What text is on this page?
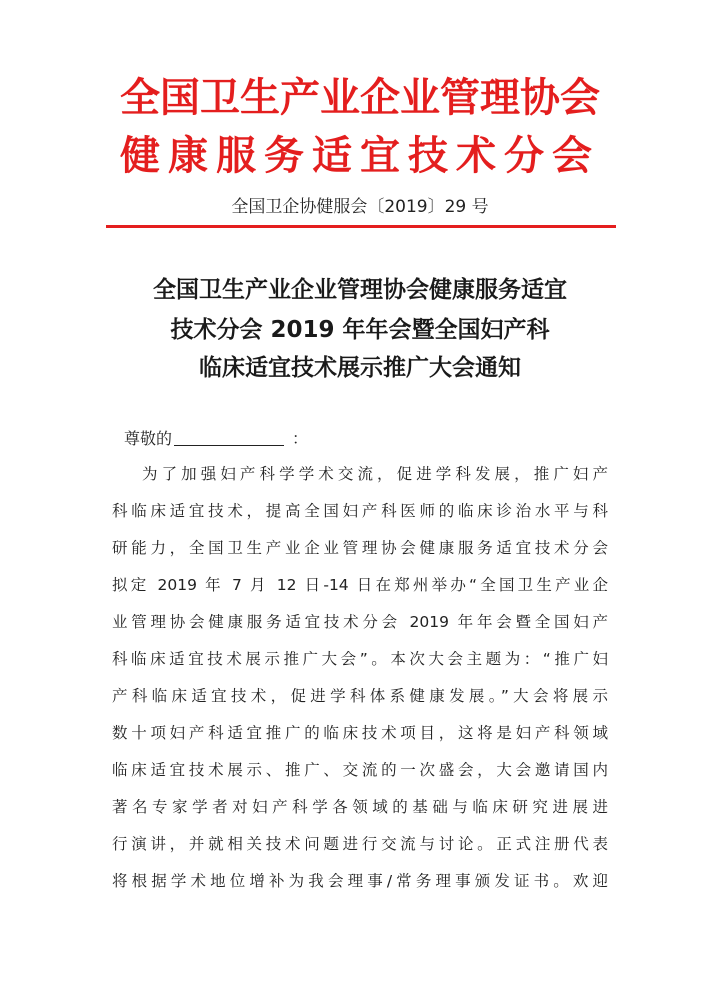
全国卫生产业企业管理协会
健康服务适宜技术分会
全国卫企协健服会〔2019〕29 号
全国卫生产业企业管理协会健康服务适宜
技术分会 2019 年年会暨全国妇产科
临床适宜技术展示推广大会通知
尊敬的	：
为了加强妇产科学学术交流，促进学科发展，推广妇产
科临床适宜技术，提高全国妇产科医师的临床诊治水平与科
研能力，全国卫生产业企业管理协会健康服务适宜技术分会
拟定 2019 年 7 月 12 日-14 日在郑州举办“全国卫生产业企
业管理协会健康服务适宜技术分会 2019 年年会暨全国妇产
科临床适宜技术展示推广大会”。本次大会主题为：“推广妇
产科临床适宜技术，促进学科体系健康发展。”大会将展示
数十项妇产科适宜推广的临床技术项目，这将是妇产科领域
临床适宜技术展示、推广、交流的一次盛会，大会邀请国内
著名专家学者对妇产科学各领域的基础与临床研究进展进
行演讲，并就相关技术问题进行交流与讨论。正式注册代表
将根据学术地位增补为我会理事/常务理事颁发证书。欢迎
